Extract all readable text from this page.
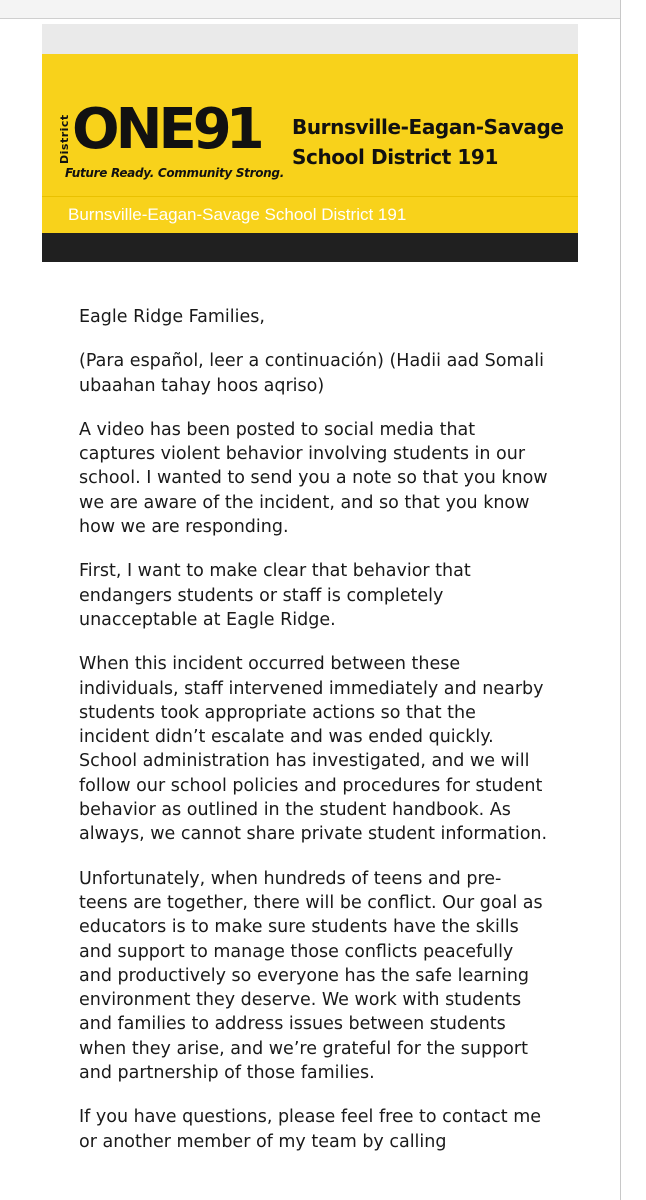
District ONE91
Future Ready. Community Strong.
Burnsville-Eagan-Savage
School District 191
Burnsville-Eagan-Savage School District 191

Eagle Ridge Families,

(Para español, leer a continuación) (Hadii aad Somali ubaahan tahay hoos aqriso)

A video has been posted to social media that captures violent behavior involving students in our school. I wanted to send you a note so that you know we are aware of the incident, and so that you know how we are responding.

First, I want to make clear that behavior that endangers students or staff is completely unacceptable at Eagle Ridge.

When this incident occurred between these individuals, staff intervened immediately and nearby students took appropriate actions so that the incident didn’t escalate and was ended quickly. School administration has investigated, and we will follow our school policies and procedures for student behavior as outlined in the student handbook. As always, we cannot share private student information.

Unfortunately, when hundreds of teens and pre-teens are together, there will be conflict. Our goal as educators is to make sure students have the skills and support to manage those conflicts peacefully and productively so everyone has the safe learning environment they deserve. We work with students and families to address issues between students when they arise, and we’re grateful for the support and partnership of those families.

If you have questions, please feel free to contact me or another member of my team by calling
